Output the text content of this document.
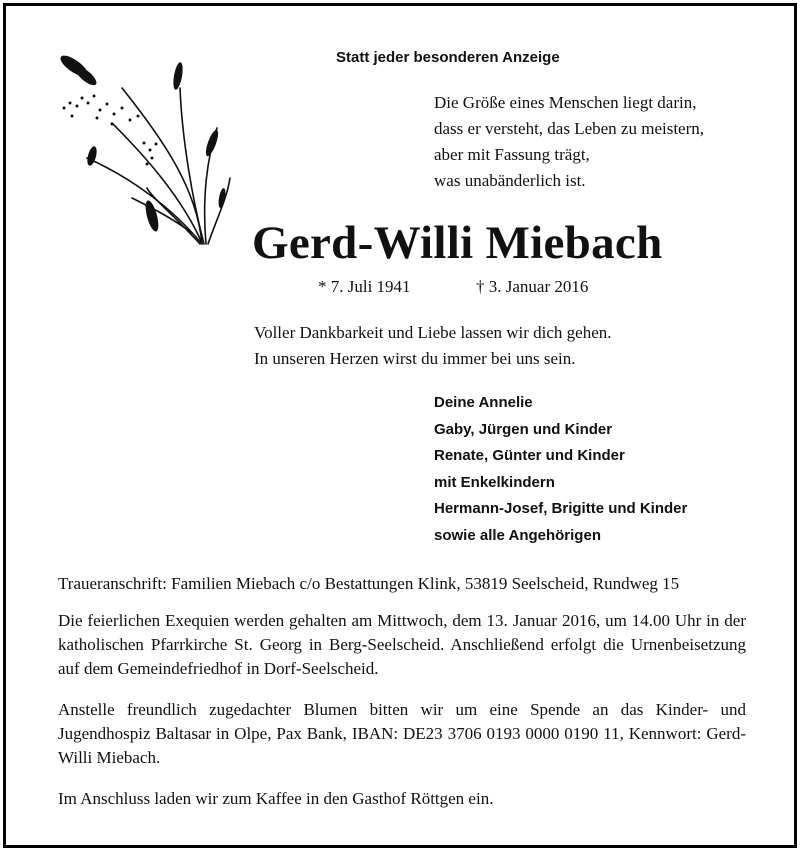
Statt jeder besonderen Anzeige
Die Größe eines Menschen liegt darin,
dass er versteht, das Leben zu meistern,
aber mit Fassung trägt,
was unabänderlich ist.
Gerd-Willi Miebach
* 7. Juli 1941	† 3. Januar 2016
Voller Dankbarkeit und Liebe lassen wir dich gehen.
In unseren Herzen wirst du immer bei uns sein.
Deine Annelie
Gaby, Jürgen und Kinder
Renate, Günter und Kinder
mit Enkelkindern
Hermann-Josef, Brigitte und Kinder
sowie alle Angehörigen
Traueranschrift: Familien Miebach c/o Bestattungen Klink, 53819 Seelscheid, Rundweg 15
Die feierlichen Exequien werden gehalten am Mittwoch, dem 13. Januar 2016, um 14.00 Uhr in der katholischen Pfarrkirche St. Georg in Berg-Seelscheid. Anschließend erfolgt die Urnenbeisetzung auf dem Gemeindefriedhof in Dorf-Seelscheid.
Anstelle freundlich zugedachter Blumen bitten wir um eine Spende an das Kinder- und Jugendhospiz Baltasar in Olpe, Pax Bank, IBAN: DE23 3706 0193 0000 0190 11, Kennwort: Gerd-Willi Miebach.
Im Anschluss laden wir zum Kaffee in den Gasthof Röttgen ein.
